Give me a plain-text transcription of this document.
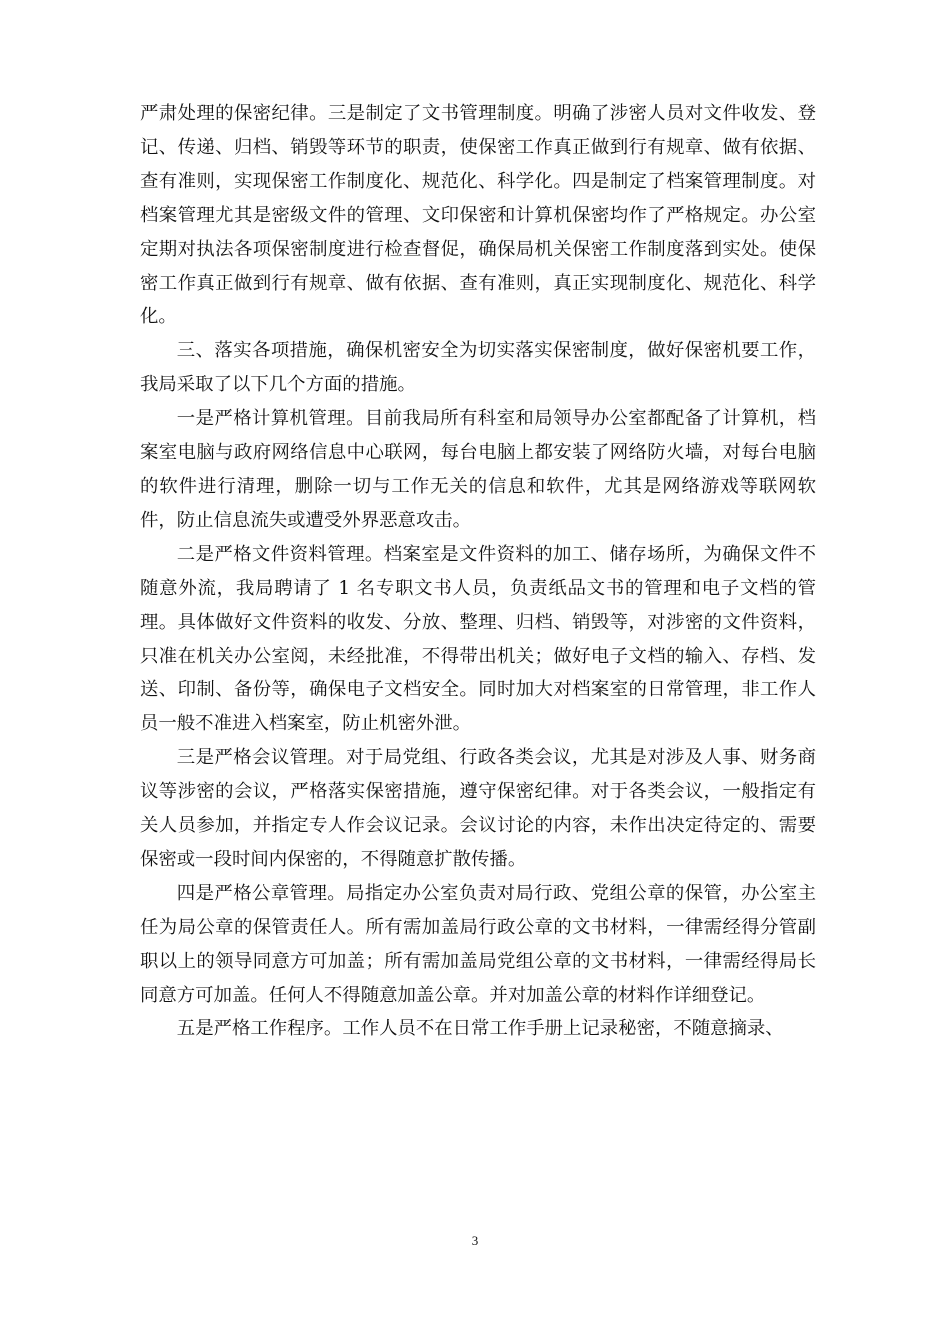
严肃处理的保密纪律。三是制定了文书管理制度。明确了涉密人员对文件收发、登记、传递、归档、销毁等环节的职责，使保密工作真正做到行有规章、做有依据、查有准则，实现保密工作制度化、规范化、科学化。四是制定了档案管理制度。对档案管理尤其是密级文件的管理、文印保密和计算机保密均作了严格规定。办公室定期对执法各项保密制度进行检查督促，确保局机关保密工作制度落到实处。使保密工作真正做到行有规章、做有依据、查有准则，真正实现制度化、规范化、科学化。

三、落实各项措施，确保机密安全为切实落实保密制度，做好保密机要工作，我局采取了以下几个方面的措施。

一是严格计算机管理。目前我局所有科室和局领导办公室都配备了计算机，档案室电脑与政府网络信息中心联网，每台电脑上都安装了网络防火墙，对每台电脑的软件进行清理，删除一切与工作无关的信息和软件，尤其是网络游戏等联网软件，防止信息流失或遭受外界恶意攻击。

二是严格文件资料管理。档案室是文件资料的加工、储存场所，为确保文件不随意外流，我局聘请了 1 名专职文书人员，负责纸品文书的管理和电子文档的管理。具体做好文件资料的收发、分放、整理、归档、销毁等，对涉密的文件资料，只准在机关办公室阅，未经批准，不得带出机关；做好电子文档的输入、存档、发送、印制、备份等，确保电子文档安全。同时加大对档案室的日常管理，非工作人员一般不准进入档案室，防止机密外泄。

三是严格会议管理。对于局党组、行政各类会议，尤其是对涉及人事、财务商议等涉密的会议，严格落实保密措施，遵守保密纪律。对于各类会议，一般指定有关人员参加，并指定专人作会议记录。会议讨论的内容，未作出决定待定的、需要保密或一段时间内保密的，不得随意扩散传播。

四是严格公章管理。局指定办公室负责对局行政、党组公章的保管，办公室主任为局公章的保管责任人。所有需加盖局行政公章的文书材料，一律需经得分管副职以上的领导同意方可加盖；所有需加盖局党组公章的文书材料，一律需经得局长同意方可加盖。任何人不得随意加盖公章。并对加盖公章的材料作详细登记。

五是严格工作程序。工作人员不在日常工作手册上记录秘密，不随意摘录、

3
